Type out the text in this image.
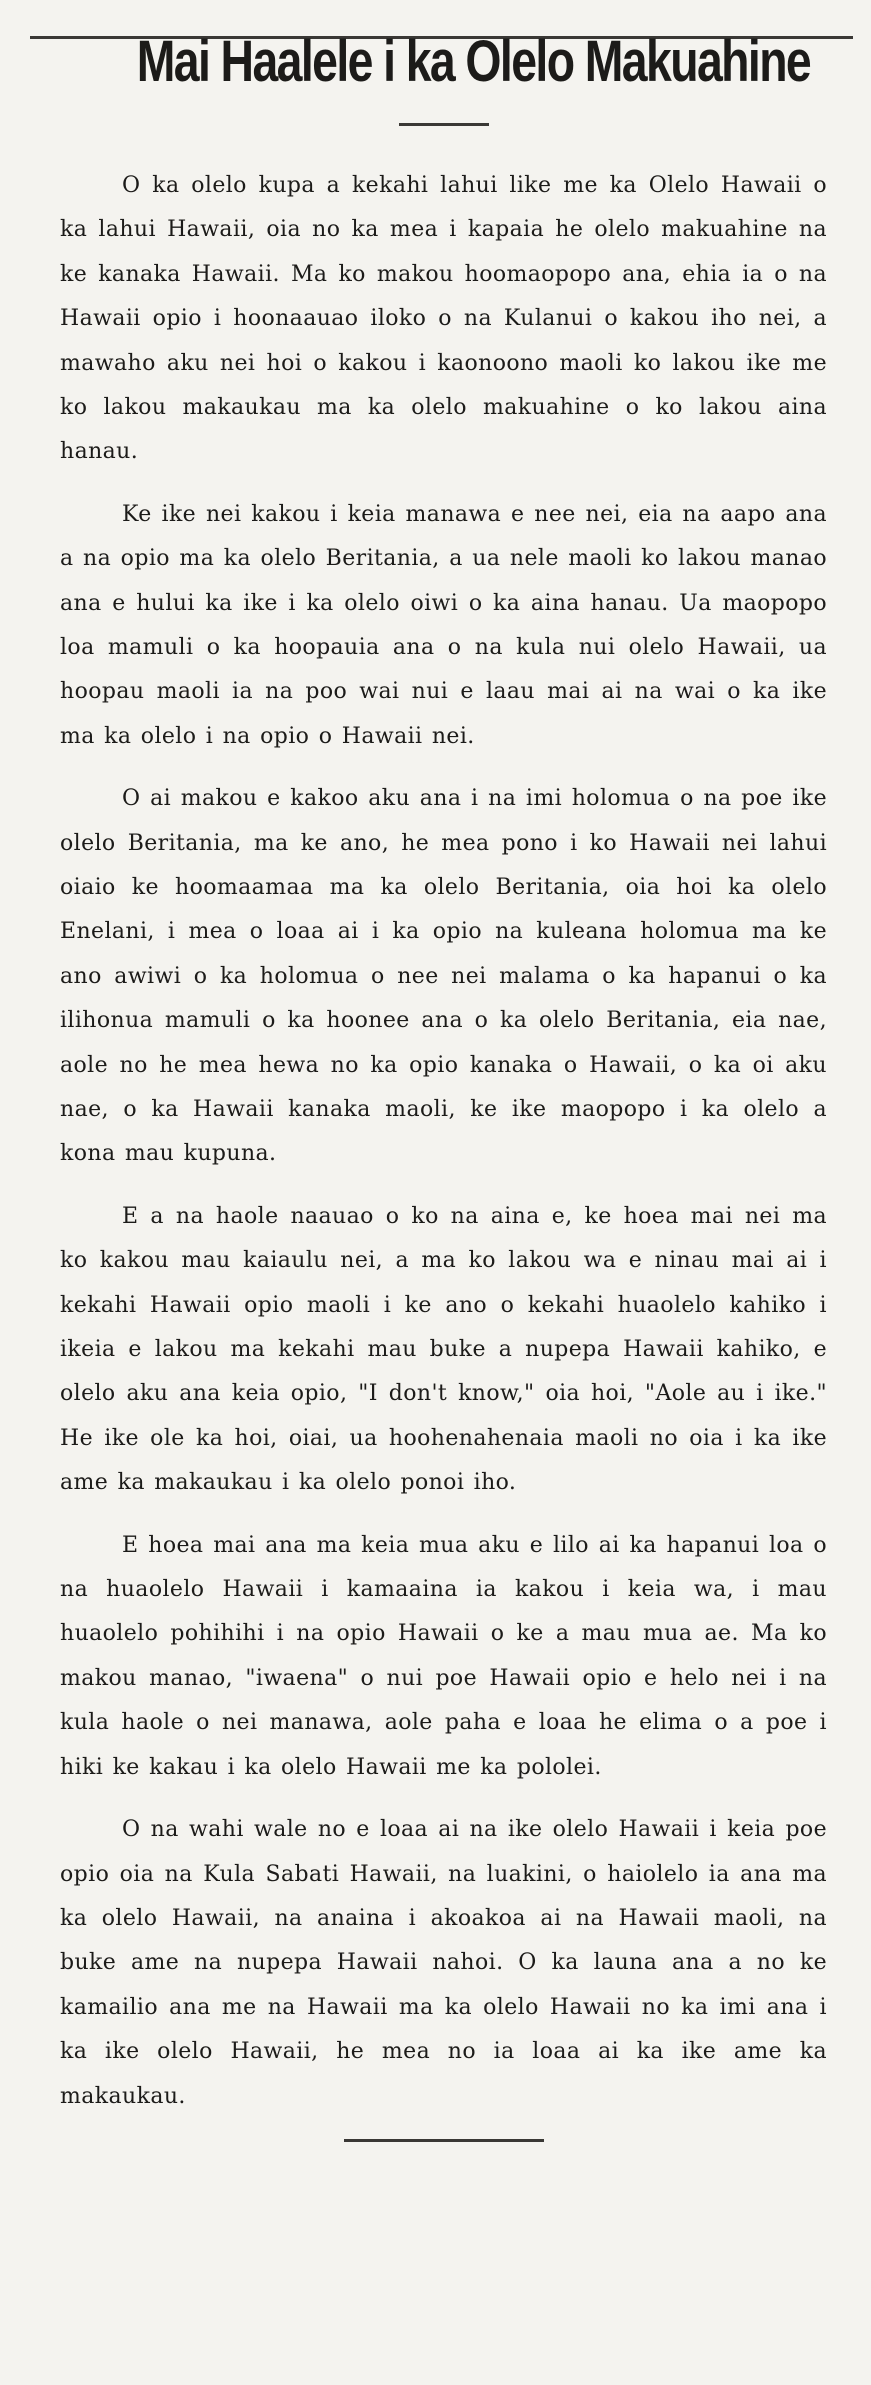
Mai Haalele i ka Olelo Makuahine

O ka olelo kupa a kekahi lahui like me ka Olelo Hawaii o ka lahui Hawaii, oia no ka mea i kapaia he olelo makuahine na ke kanaka Hawaii. Ma ko makou hoomaopopo ana, ehia ia o na Hawaii opio i hoonaauao iloko o na Kulanui o kakou iho nei, a mawaho aku nei hoi o kakou i kaonoono maoli ko lakou ike me ko lakou makaukau ma ka olelo makuahine o ko lakou aina hanau.

Ke ike nei kakou i keia manawa e nee nei, eia na aapo ana a na opio ma ka olelo Beritania, a ua nele maoli ko lakou manao ana e hului ka ike i ka olelo oiwi o ka aina hanau. Ua maopopo loa mamuli o ka hoopauia ana o na kula nui olelo Hawaii, ua hoopau maoli ia na poo wai nui e laau mai ai na wai o ka ike ma ka olelo i na opio o Hawaii nei.

O ai makou e kakoo aku ana i na imi holomua o na poe ike olelo Beritania, ma ke ano, he mea pono i ko Hawaii nei lahui oiaio ke hoomaamaa ma ka olelo Beritania, oia hoi ka olelo Enelani, i mea o loaa ai i ka opio na kuleana holomua ma ke ano awiwi o ka holomua o nee nei malama o ka hapanui o ka ilihonua mamuli o ka hoonee ana o ka olelo Beritania, eia nae, aole no he mea hewa no ka opio kanaka o Hawaii, o ka oi aku nae, o ka Hawaii kanaka maoli, ke ike maopopo i ka olelo a kona mau kupuna.

E a na haole naauao o ko na aina e, ke hoea mai nei ma ko kakou mau kaiaulu nei, a ma ko lakou wa e ninau mai ai i kekahi Hawaii opio maoli i ke ano o kekahi huaolelo kahiko i ikeia e lakou ma kekahi mau buke a nupepa Hawaii kahiko, e olelo aku ana keia opio, "I don't know," oia hoi, "Aole au i ike." He ike ole ka hoi, oiai, ua hoohenahenaia maoli no oia i ka ike ame ka makaukau i ka olelo ponoi iho.

E hoea mai ana ma keia mua aku e lilo ai ka hapanui loa o na huaolelo Hawaii i kamaaina ia kakou i keia wa, i mau huaolelo pohihihi i na opio Hawaii o ke a mau mua ae. Ma ko makou manao, "iwaena" o nui poe Hawaii opio e helo nei i na kula haole o nei manawa, aole paha e loaa he elima o a poe i hiki ke kakau i ka olelo Hawaii me ka pololei.

O na wahi wale no e loaa ai na ike olelo Hawaii i keia poe opio oia na Kula Sabati Hawaii, na luakini, o haiolelo ia ana ma ka olelo Hawaii, na anaina i akoakoa ai na Hawaii maoli, na buke ame na nupepa Hawaii nahoi. O ka launa ana a no ke kamailio ana me na Hawaii ma ka olelo Hawaii no ka imi ana i ka ike olelo Hawaii, he mea no ia loaa ai ka ike ame ka makaukau.
